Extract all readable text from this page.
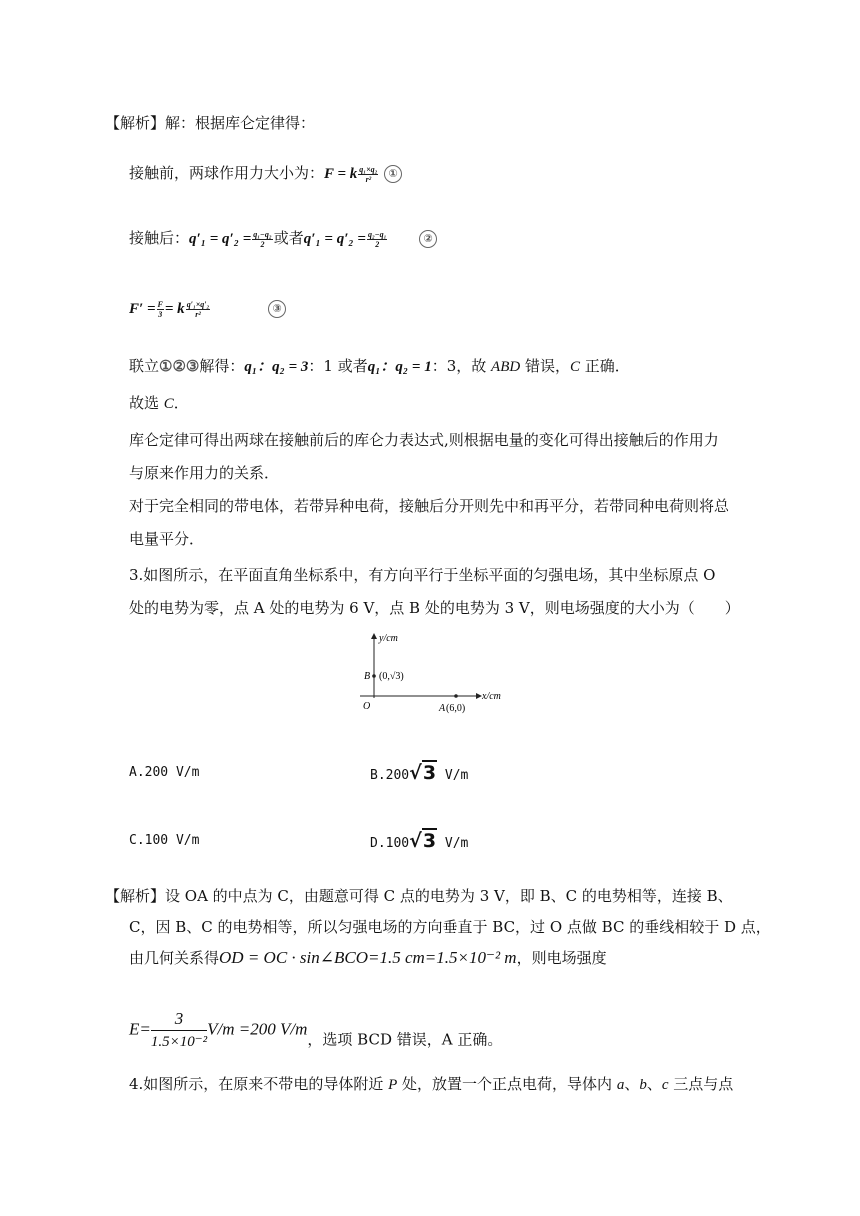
【解析】解：根据库仑定律得：
接触前，两球作用力大小为：F = k $\frac{\text{q₁×q₂}}{\text{r²}}$ ①
接触后：$q'_1 = q'_2 = \frac{\text{q₁−q₂}}{2}$ 或者$q'_1 = q'_2 = \frac{\text{q₂−q₁}}{2}$	②
$F' = \frac{F}{3} = k \frac{\text{q′₁×q′₂}}{\text{r²}}$	③
联立①②③解得：q₁：q₂ = 3：1 或者q₁：q₂ = 1：3，故 ABD 错误，C 正确．
故选 C．
库仑定律可得出两球在接触前后的库仑力表达式,则根据电量的变化可得出接触后的作用力
与原来作用力的关系．
对于完全相同的带电体，若带异种电荷，接触后分开则先中和再平分，若带同种电荷则将总
电量平分．
3.如图所示，在平面直角坐标系中，有方向平行于坐标平面的匀强电场，其中坐标原点 O
处的电势为零，点 A 处的电势为 6 V，点 B 处的电势为 3 V，则电场强度的大小为（　　）
y/cm
x/cm
O
B (0,√3)
A (6,0)
A.200 V/m	B.200√3 V/m
C.100 V/m	D.100√3 V/m
【解析】设 OA 的中点为 C，由题意可得 C 点的电势为 3 V，即 B、C 的电势相等，连接 B、
C，因 B、C 的电势相等，所以匀强电场的方向垂直于 BC，过 O 点做 BC 的垂线相较于 D 点，
由几何关系得OD = OC · sin∠BCO=1.5 cm=1.5×10⁻² m，则电场强度
$E= \frac{3}{\text{1.5×10⁻²}} V/m =200$ V/m，选项 BCD 错误，A 正确。
4.如图所示，在原来不带电的导体附近 P 处，放置一个正点电荷，导体内 a、b、c 三点与点
